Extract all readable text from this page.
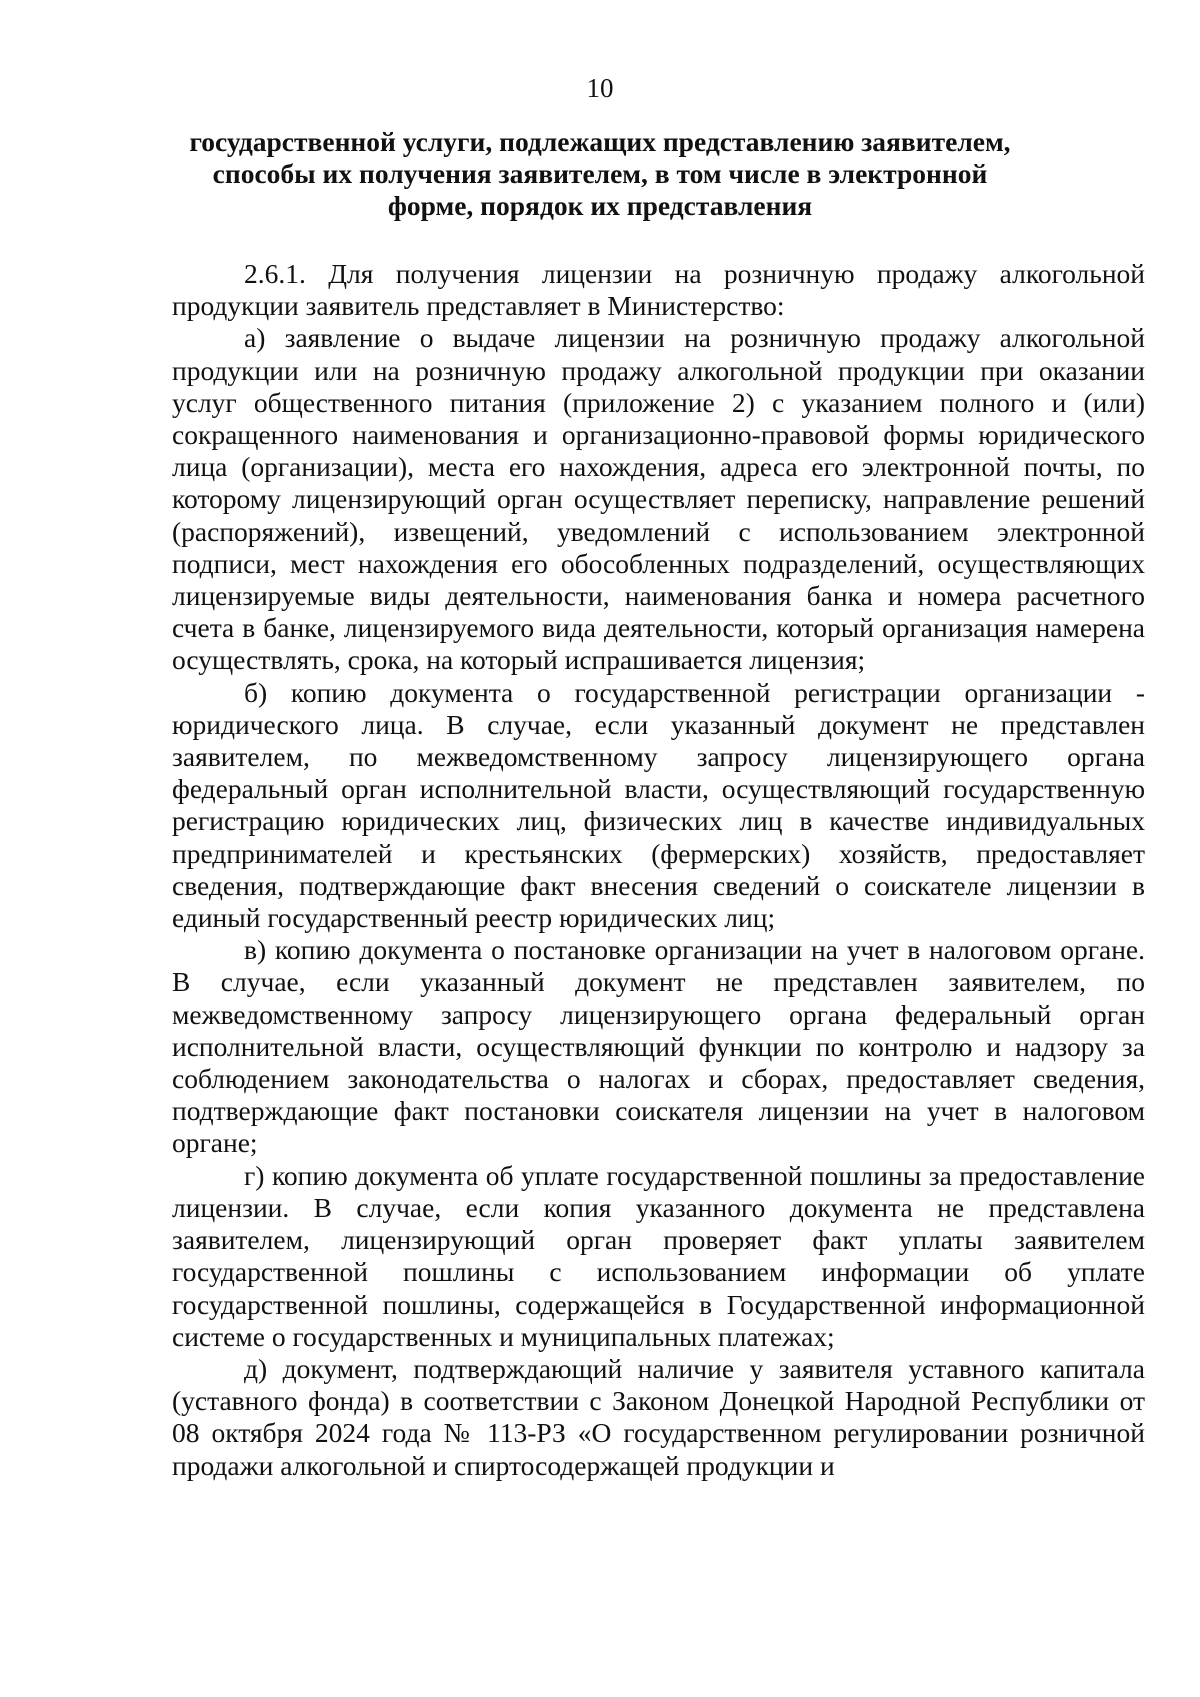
10
государственной услуги, подлежащих представлению заявителем,
способы их получения заявителем, в том числе в электронной
форме, порядок их представления

2.6.1. Для получения лицензии на розничную продажу алкогольной продукции заявитель представляет в Министерство:

а) заявление о выдаче лицензии на розничную продажу алкогольной продукции или на розничную продажу алкогольной продукции при оказании услуг общественного питания (приложение 2) с указанием полного и (или) сокращенного наименования и организационно-правовой формы юридического лица (организации), места его нахождения, адреса его электронной почты, по которому лицензирующий орган осуществляет переписку, направление решений (распоряжений), извещений, уведомлений с использованием электронной подписи, мест нахождения его обособленных подразделений, осуществляющих лицензируемые виды деятельности, наименования банка и номера расчетного счета в банке, лицензируемого вида деятельности, который организация намерена осуществлять, срока, на который испрашивается лицензия;

б) копию документа о государственной регистрации организации - юридического лица. В случае, если указанный документ не представлен заявителем, по межведомственному запросу лицензирующего органа федеральный орган исполнительной власти, осуществляющий государственную регистрацию юридических лиц, физических лиц в качестве индивидуальных предпринимателей и крестьянских (фермерских) хозяйств, предоставляет сведения, подтверждающие факт внесения сведений о соискателе лицензии в единый государственный реестр юридических лиц;

в) копию документа о постановке организации на учет в налоговом органе. В случае, если указанный документ не представлен заявителем, по межведомственному запросу лицензирующего органа федеральный орган исполнительной власти, осуществляющий функции по контролю и надзору за соблюдением законодательства о налогах и сборах, предоставляет сведения, подтверждающие факт постановки соискателя лицензии на учет в налоговом органе;

г) копию документа об уплате государственной пошлины за предоставление лицензии. В случае, если копия указанного документа не представлена заявителем, лицензирующий орган проверяет факт уплаты заявителем государственной пошлины с использованием информации об уплате государственной пошлины, содержащейся в Государственной информационной системе о государственных и муниципальных платежах;

д) документ, подтверждающий наличие у заявителя уставного капитала (уставного фонда) в соответствии с Законом Донецкой Народной Республики от 08 октября 2024 года № 113-РЗ «О государственном регулировании розничной продажи алкогольной и спиртосодержащей продукции и
